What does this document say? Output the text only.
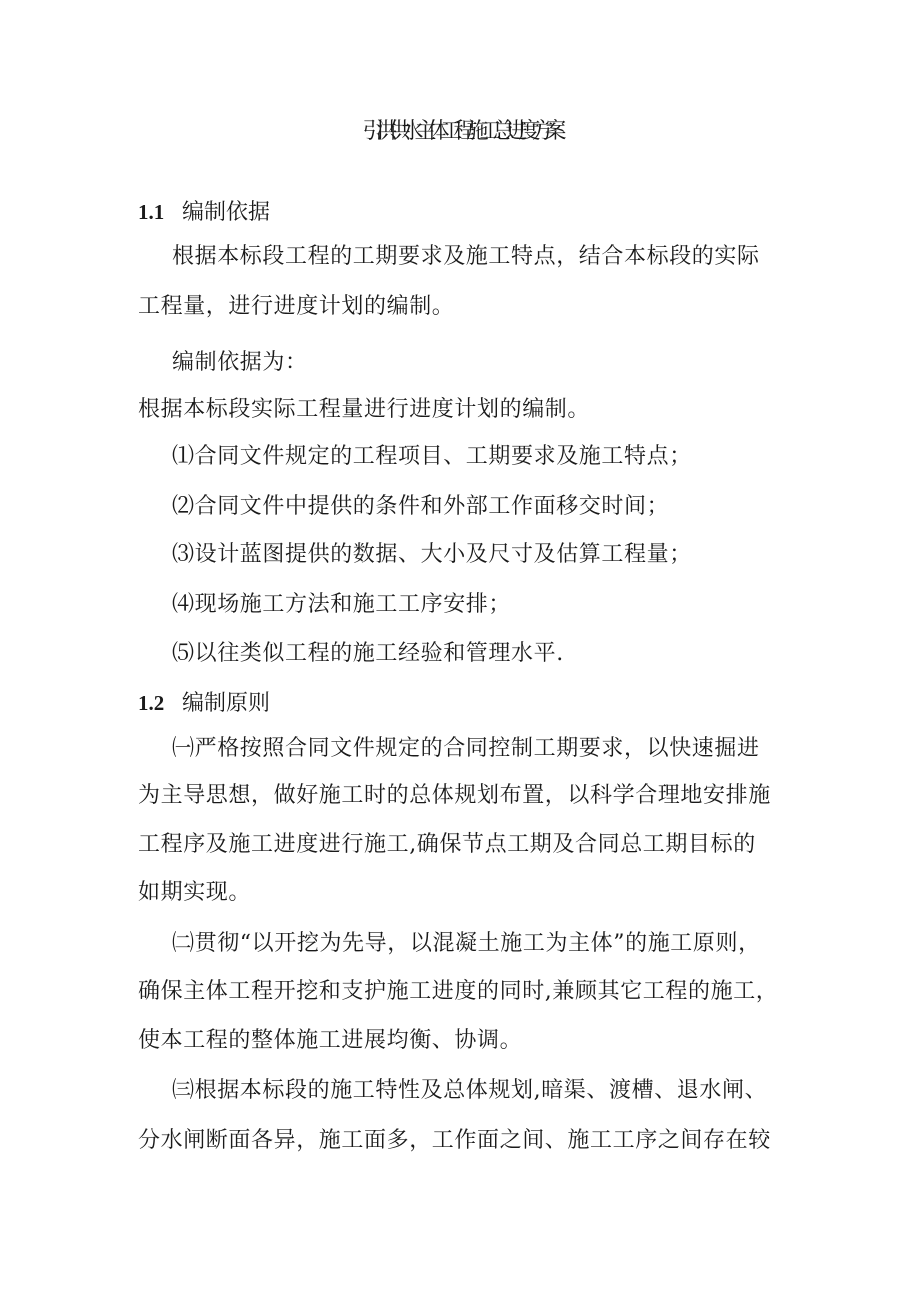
引洪供水主体工程施工总进度方案
1.1 编制依据
根据本标段工程的工期要求及施工特点，结合本标段的实际
工程量，进行进度计划的编制。
编制依据为：
根据本标段实际工程量进行进度计划的编制。
⑴合同文件规定的工程项目、工期要求及施工特点；
⑵合同文件中提供的条件和外部工作面移交时间；
⑶设计蓝图提供的数据、大小及尺寸及估算工程量；
⑷现场施工方法和施工工序安排；
⑸以往类似工程的施工经验和管理水平.
1.2 编制原则
㈠严格按照合同文件规定的合同控制工期要求，以快速掘进
为主导思想，做好施工时的总体规划布置，以科学合理地安排施
工程序及施工进度进行施工,确保节点工期及合同总工期目标的
如期实现。
㈡贯彻“以开挖为先导，以混凝土施工为主体”的施工原则，
确保主体工程开挖和支护施工进度的同时,兼顾其它工程的施工，
使本工程的整体施工进展均衡、协调。
㈢根据本标段的施工特性及总体规划,暗渠、渡槽、退水闸、
分水闸断面各异，施工面多，工作面之间、施工工序之间存在较
